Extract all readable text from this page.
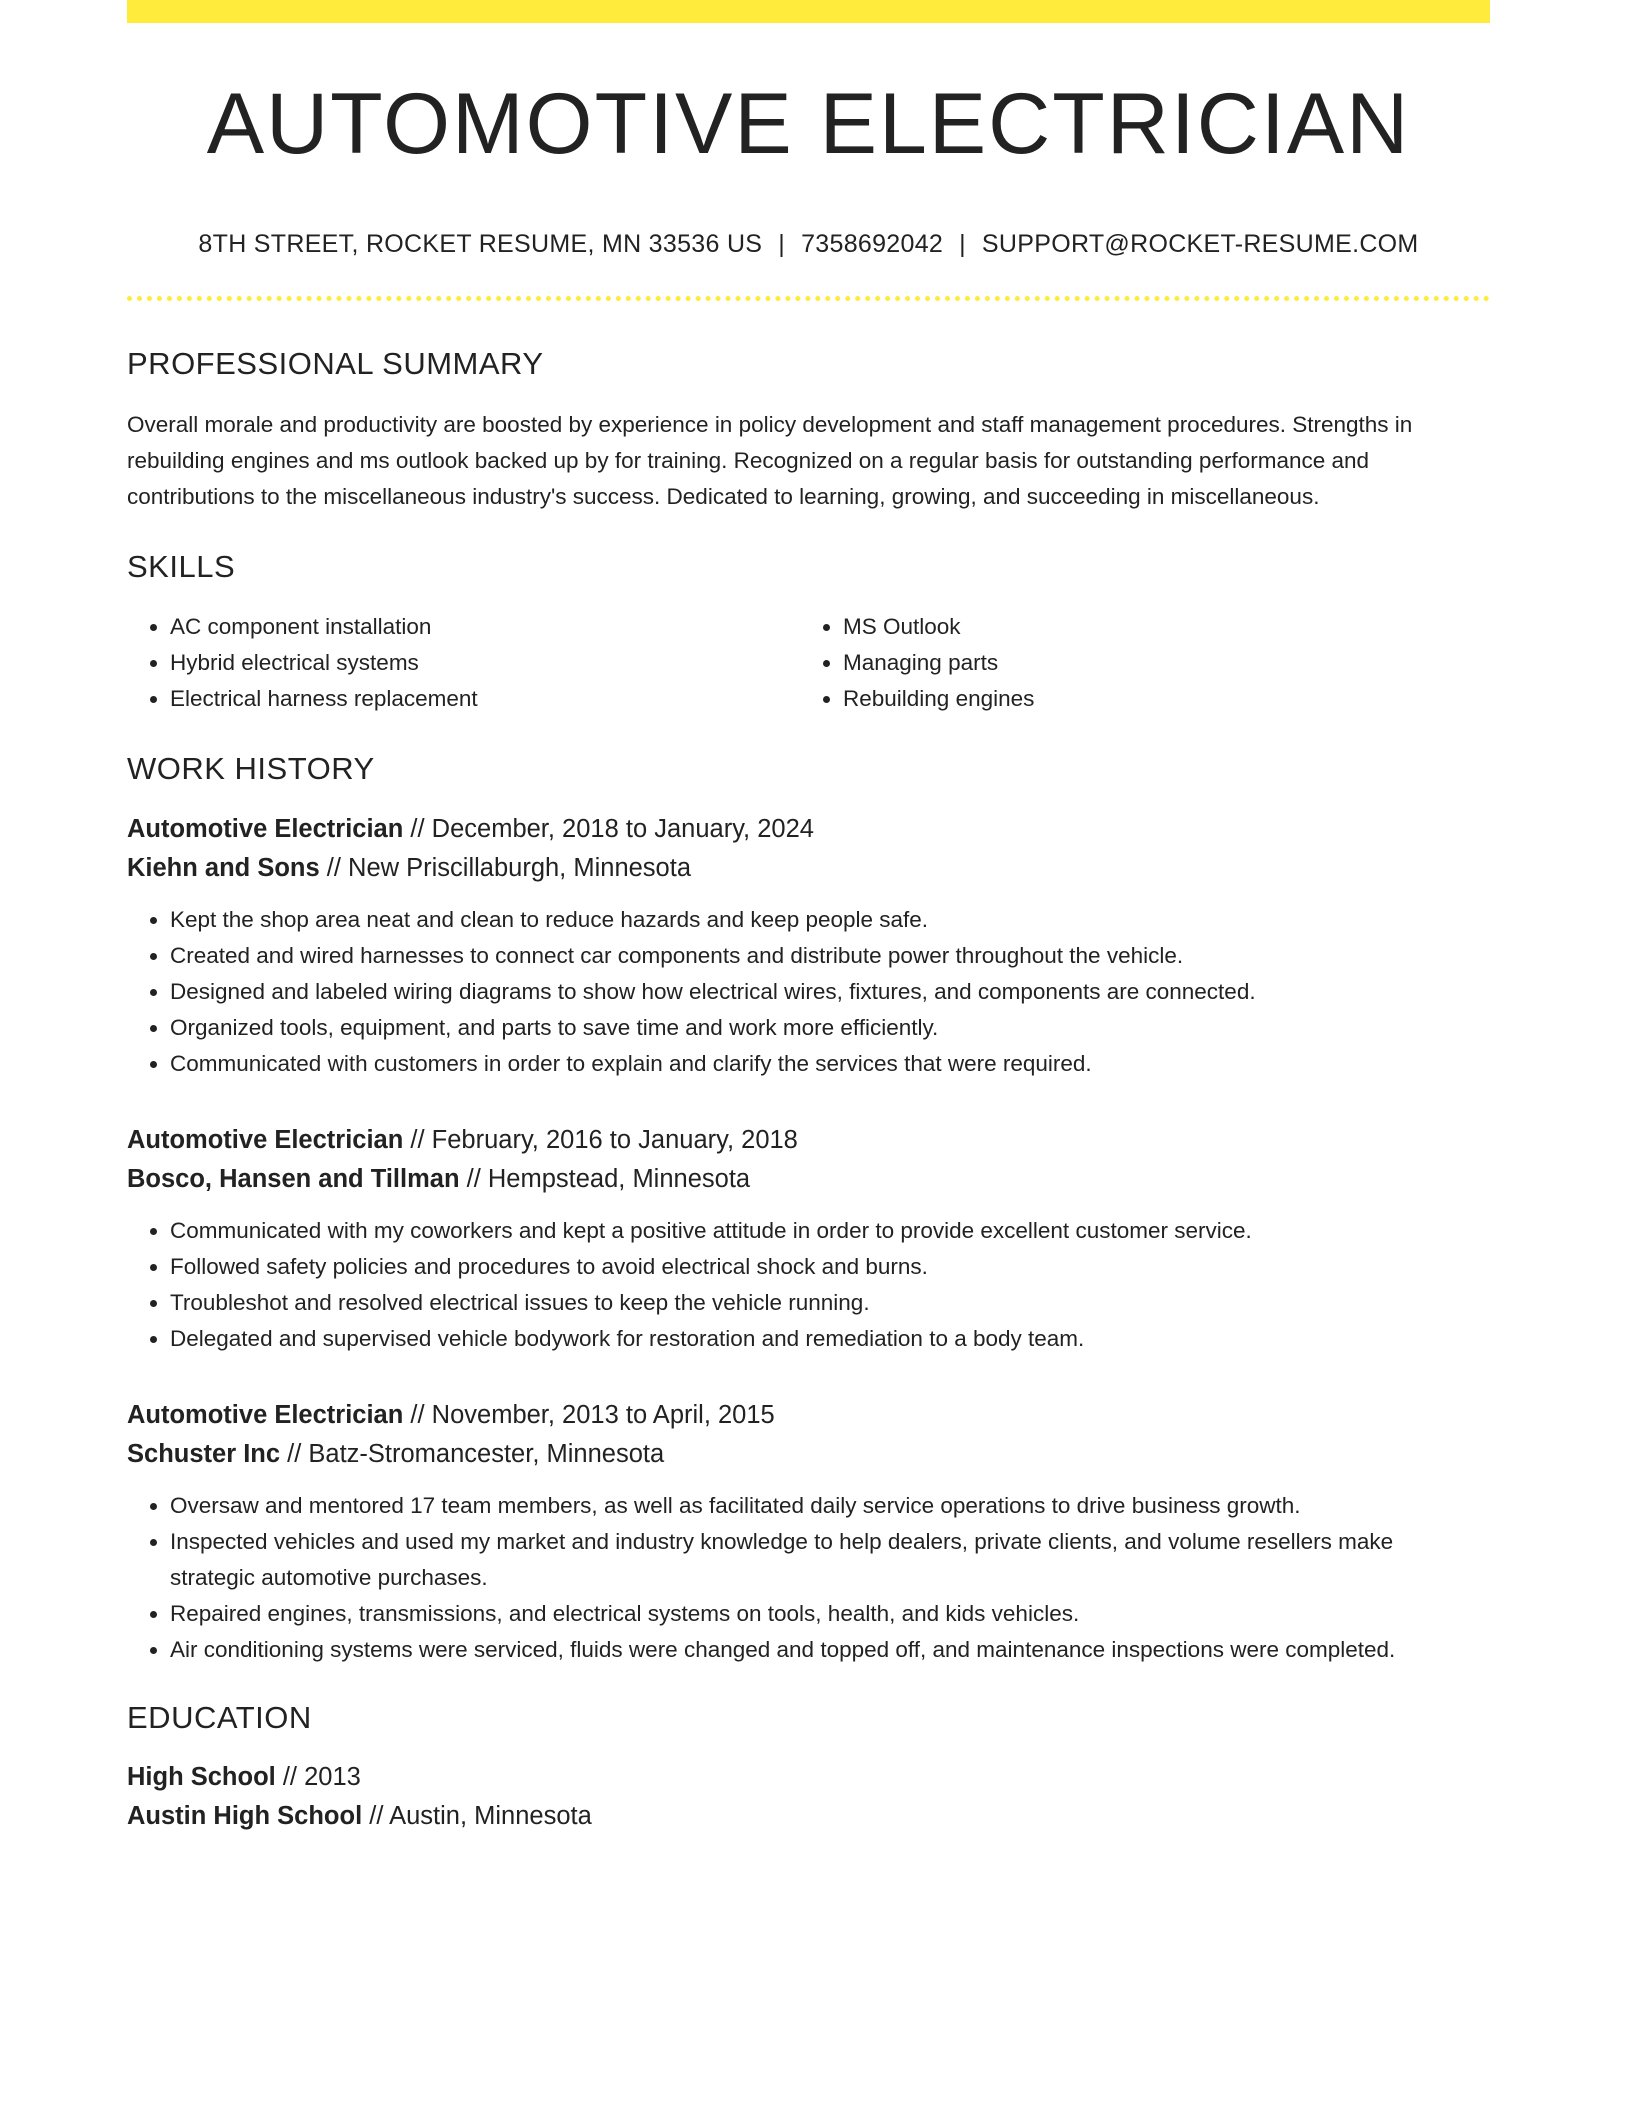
AUTOMOTIVE ELECTRICIAN
8TH STREET, ROCKET RESUME, MN 33536 US | 7358692042 | SUPPORT@ROCKET-RESUME.COM
PROFESSIONAL SUMMARY

Overall morale and productivity are boosted by experience in policy development and staff management procedures. Strengths in rebuilding engines and ms outlook backed up by for training. Recognized on a regular basis for outstanding performance and contributions to the miscellaneous industry's success. Dedicated to learning, growing, and succeeding in miscellaneous.

SKILLS
• AC component installation
• Hybrid electrical systems
• Electrical harness replacement
• MS Outlook
• Managing parts
• Rebuilding engines
WORK HISTORY
Automotive Electrician // December, 2018 to January, 2024
Kiehn and Sons // New Priscillaburgh, Minnesota
• Kept the shop area neat and clean to reduce hazards and keep people safe.
• Created and wired harnesses to connect car components and distribute power throughout the vehicle.
• Designed and labeled wiring diagrams to show how electrical wires, fixtures, and components are connected.
• Organized tools, equipment, and parts to save time and work more efficiently.
• Communicated with customers in order to explain and clarify the services that were required.
Automotive Electrician // February, 2016 to January, 2018
Bosco, Hansen and Tillman // Hempstead, Minnesota
• Communicated with my coworkers and kept a positive attitude in order to provide excellent customer service.
• Followed safety policies and procedures to avoid electrical shock and burns.
• Troubleshot and resolved electrical issues to keep the vehicle running.
• Delegated and supervised vehicle bodywork for restoration and remediation to a body team.
Automotive Electrician // November, 2013 to April, 2015
Schuster Inc // Batz-Stromancester, Minnesota
• Oversaw and mentored 17 team members, as well as facilitated daily service operations to drive business growth.
• Inspected vehicles and used my market and industry knowledge to help dealers, private clients, and volume resellers make strategic automotive purchases.
• Repaired engines, transmissions, and electrical systems on tools, health, and kids vehicles.
• Air conditioning systems were serviced, fluids were changed and topped off, and maintenance inspections were completed.
EDUCATION
High School // 2013
Austin High School // Austin, Minnesota
